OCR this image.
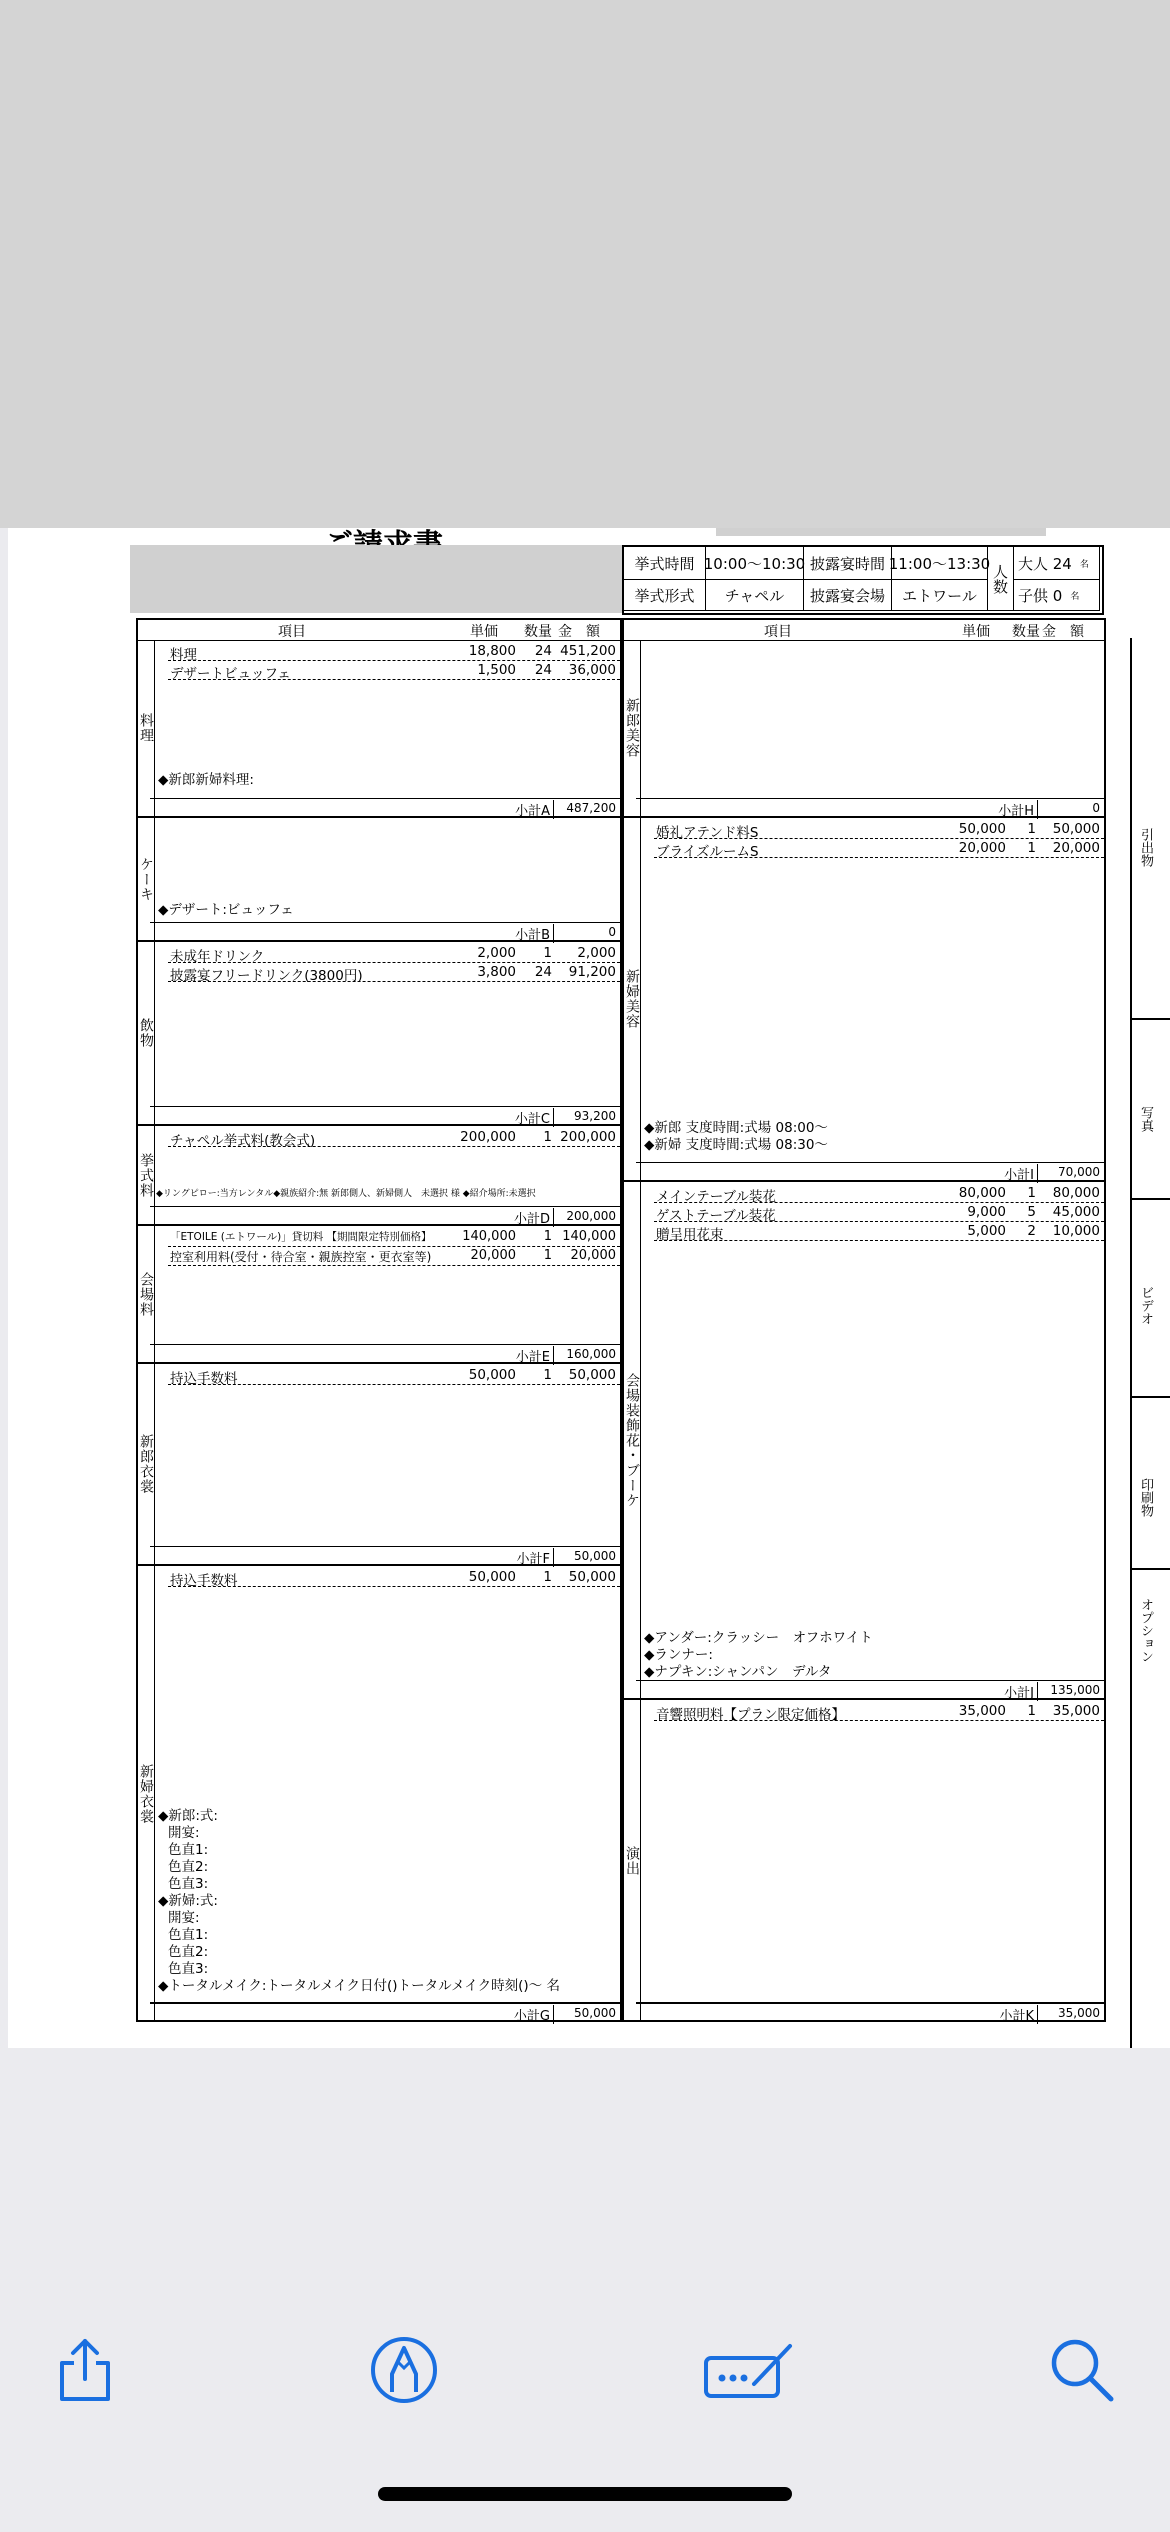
挙式時間 10:00〜10:30 披露宴時間 11:00〜13:30 人数 大人 24 名
挙式形式	チャペル	披露宴会場	エトワール	子供 0 名
項目	単価 数量 金　額
料理
料理	18,800 24 451,200
デザートビュッフェ	1,500 24 36,000
◆新郎新婦料理:
小計A	487,200
ケーキ
◆デザート:ビュッフェ
小計B	0
飲物
未成年ドリンク	2,000 1 2,000
披露宴フリードリンク(3800円)	3,800 24 91,200
小計C	93,200
挙式料
チャペル挙式料(教会式)	200,000 1 200,000
◆リングピロー:当方レンタル◆親族紹介:無 新郎側人、新婦側人　未選択 様 ◆紹介場所:未選択
小計D	200,000
会場料
「ETOILE (エトワール)」貸切料 【期間限定特別価格】 140,000 1 140,000
控室利用料(受付・待合室・親族控室・更衣室等)	20,000 1 20,000
小計E	160,000
新郎衣裳
持込手数料	50,000 1 50,000
小計F	50,000
新婦衣裳
持込手数料	50,000 1 50,000
◆新郎:式:
開宴:
色直1:
色直2:
色直3:
◆新婦:式:
開宴:
色直1:
色直2:
色直3:
◆トータルメイク:トータルメイク日付()トータルメイク時刻()〜 名
小計G	50,000
項目	単価 数量 金　額
新郎美容
小計H	0
新婦美容
婚礼アテンド料S	50,000 1 50,000
ブライズルームS	20,000 1 20,000
◆新郎 支度時間:式場 08:00〜
◆新婦 支度時間:式場 08:30〜
小計I	70,000
会場装飾花・ブーケ
メインテーブル装花	80,000 1 80,000
ゲストテーブル装花	9,000 5 45,000
贈呈用花束	5,000 2 10,000
◆アンダー:クラッシー　オフホワイト
◆ランナー:
◆ナプキン:シャンパン　デルタ
小計J	135,000
演出
音響照明料【プラン限定価格】	35,000 1 35,000
小計K	35,000
引出物
写真
ビデオ
印刷物
オプション
